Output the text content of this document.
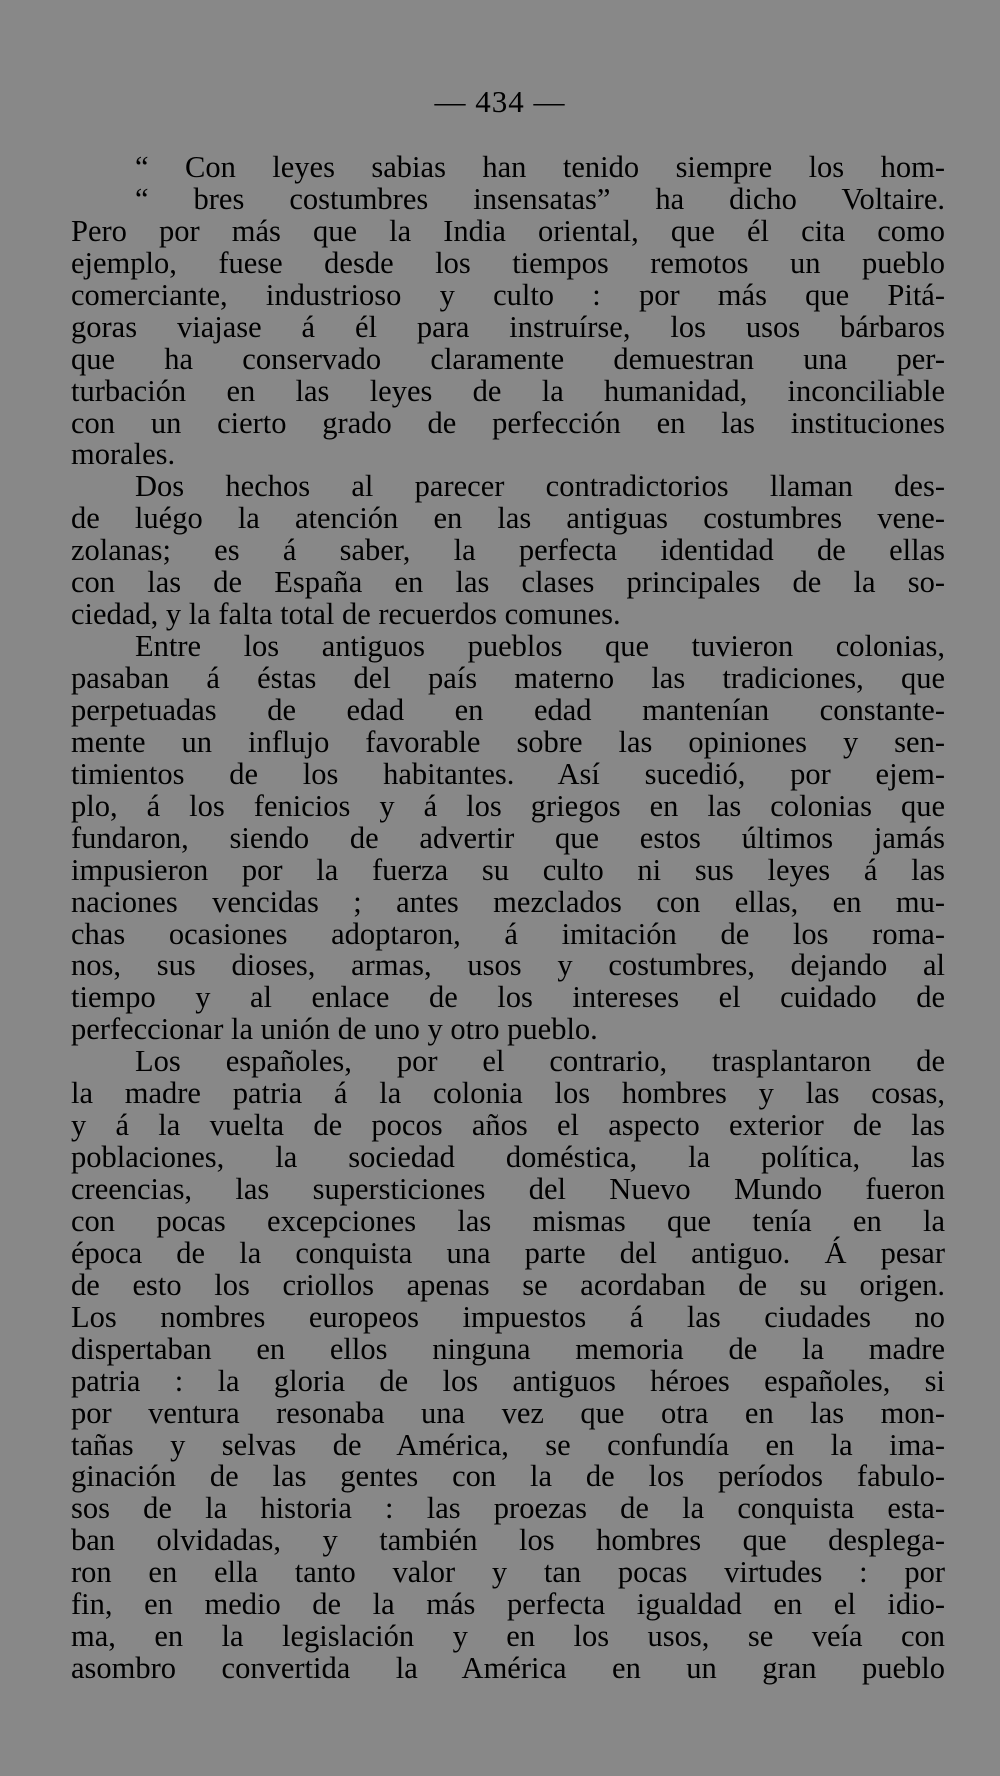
— 434 —
“ Con leyes sabias han tenido siempre los hom-
“ bres costumbres insensatas” ha dicho Voltaire.
Pero por más que la India oriental, que él cita como
ejemplo, fuese desde los tiempos remotos un pueblo
comerciante, industrioso y culto : por más que Pitá-
goras viajase á él para instruírse, los usos bárbaros
que ha conservado claramente demuestran una per-
turbación en las leyes de la humanidad, inconciliable
con un cierto grado de perfección en las instituciones
morales.
Dos hechos al parecer contradictorios llaman des-
de luégo la atención en las antiguas costumbres vene-
zolanas; es á saber, la perfecta identidad de ellas
con las de España en las clases principales de la so-
ciedad, y la falta total de recuerdos comunes.
Entre los antiguos pueblos que tuvieron colonias,
pasaban á éstas del país materno las tradiciones, que
perpetuadas de edad en edad mantenían constante-
mente un influjo favorable sobre las opiniones y sen-
timientos de los habitantes. Así sucedió, por ejem-
plo, á los fenicios y á los griegos en las colonias que
fundaron, siendo de advertir que estos últimos jamás
impusieron por la fuerza su culto ni sus leyes á las
naciones vencidas ; antes mezclados con ellas, en mu-
chas ocasiones adoptaron, á imitación de los roma-
nos, sus dioses, armas, usos y costumbres, dejando al
tiempo y al enlace de los intereses el cuidado de
perfeccionar la unión de uno y otro pueblo.
Los españoles, por el contrario, trasplantaron de
la madre patria á la colonia los hombres y las cosas,
y á la vuelta de pocos años el aspecto exterior de las
poblaciones, la sociedad doméstica, la política, las
creencias, las supersticiones del Nuevo Mundo fueron
con pocas excepciones las mismas que tenía en la
época de la conquista una parte del antiguo. Á pesar
de esto los criollos apenas se acordaban de su origen.
Los nombres europeos impuestos á las ciudades no
dispertaban en ellos ninguna memoria de la madre
patria : la gloria de los antiguos héroes españoles, si
por ventura resonaba una vez que otra en las mon-
tañas y selvas de América, se confundía en la ima-
ginación de las gentes con la de los períodos fabulo-
sos de la historia : las proezas de la conquista esta-
ban olvidadas, y también los hombres que desplega-
ron en ella tanto valor y tan pocas virtudes : por
fin, en medio de la más perfecta igualdad en el idio-
ma, en la legislación y en los usos, se veía con
asombro convertida la América en un gran pueblo
